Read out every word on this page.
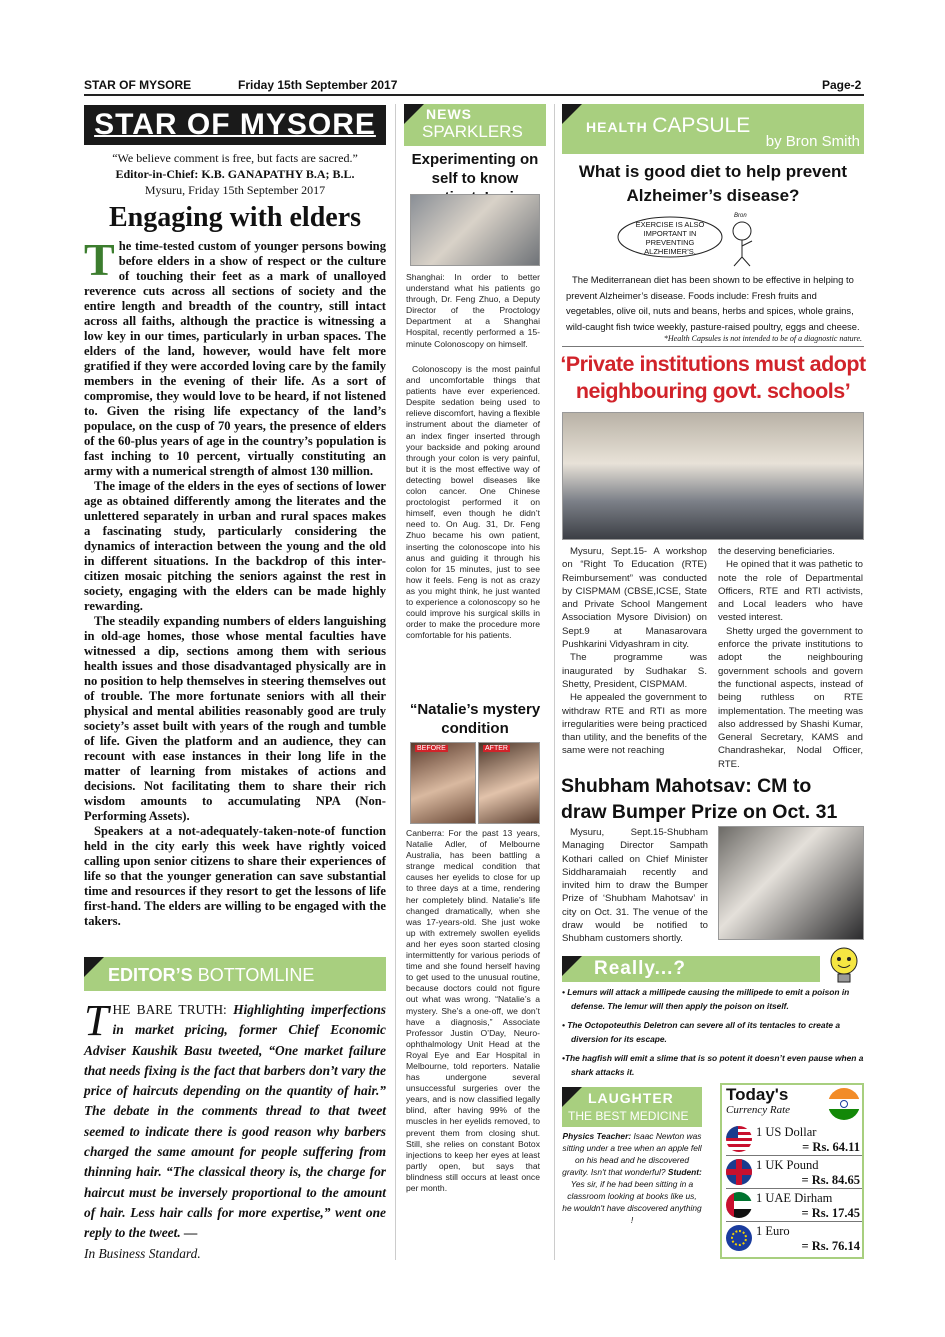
STAR OF MYSORE	Friday 15th September 2017	Page-2
STAR OF MYSORE
“We believe comment is free, but facts are sacred.”
Editor-in-Chief: K.B. GANAPATHY B.A; B.L.
Mysuru, Friday 15th September 2017
Engaging with elders
T he time-tested custom of younger persons bowing before elders in a show of respect or the culture of touching their feet as a mark of unalloyed reverence cuts across all sections of society and the entire length and breadth of the country, still intact across all faiths, although the practice is witnessing a low key in our times, particularly in urban spaces. The elders of the land, however, would have felt more gratified if they were accorded loving care by the family members in the evening of their life. As a sort of compromise, they would love to be heard, if not listened to. Given the rising life expectancy of the land’s populace, on the cusp of 70 years, the presence of elders of the 60-plus years of age in the country’s population is fast inching to 10 percent, virtually constituting an army with a numerical strength of almost 130 million.

The image of the elders in the eyes of sections of lower age as obtained differently among the literates and the unlettered separately in urban and rural spaces makes a fascinating study, particularly considering the dynamics of interaction between the young and the old in different situations. In the backdrop of this inter-citizen mosaic pitching the seniors against the rest in society, engaging with the elders can be made highly rewarding.

The steadily expanding numbers of elders languishing in old-age homes, those whose mental faculties have witnessed a dip, sections among them with serious health issues and those disadvantaged physically are in no position to help themselves in steering themselves out of trouble. The more fortunate seniors with all their physical and mental abilities reasonably good are truly society’s asset built with years of the rough and tumble of life. Given the platform and an audience, they can recount with ease instances in their long life in the matter of learning from mistakes of actions and decisions. Not facilitating them to share their rich wisdom amounts to accumulating NPA (Non-Performing Assets).

Speakers at a not-adequately-taken-note-of function held in the city early this week have rightly voiced calling upon senior citizens to share their experiences of life so that the younger generation can save substantial time and resources if they resort to get the lessons of life first-hand. The elders are willing to be engaged with the takers.

EDITOR’S BOTTOMLINE
THE BARE TRUTH: Highlighting imperfections in market pricing, former Chief Economic Adviser Kaushik Basu tweeted, “One market failure that needs fixing is the fact that barbers don’t vary the price of haircuts depending on the quantity of hair.” The debate in the comments thread to that tweet seemed to indicate there is good reason why barbers charged the same amount for people suffering from thinning hair. “The classical theory is, the charge for haircut must be inversely proportional to the amount of hair. Less hair calls for more expertise,” went one reply to the tweet. —
In Business Standard.
NEWS
SPARKLERS
Experimenting on self to know
Shanghai: In order to better understand what his patients go through, Dr. Feng Zhuo, a Deputy Director of the Proctology Department at a Shanghai Hospital, recently performed a 15-minute Colonoscopy on himself.
Colonoscopy is the most painful and uncomfortable things that patients have ever experienced. Despite sedation being used to relieve discomfort, having a flexible instrument about the diameter of an index finger inserted through your backside and poking around through your colon is very painful, but it is the most effective way of detecting bowel diseases like colon cancer. One Chinese proctologist performed it on himself, even though he didn’t need to. On Aug. 31, Dr. Feng Zhuo became his own patient, inserting the colonoscope into his anus and guiding it through his colon for 15 minutes, just to see how it feels. Feng is not as crazy as you might think, he just wanted to experience a colonoscopy so he could improve his surgical skills in order to make the procedure more comfortable for his patients.
“Natalie’s mystery condition
BEFORE	AFTER
Canberra: For the past 13 years, Natalie Adler, of Melbourne Australia, has been battling a strange medical condition that causes her eyelids to close for up to three days at a time, rendering her completely blind. Natalie’s life changed dramatically, when she was 17-years-old. She just woke up with extremely swollen eyelids and her eyes soon started closing intermittently for various periods of time and she found herself having to get used to the unusual routine, because doctors could not figure out what was wrong. “Natalie’s a mystery. She’s a one-off, we don’t have a diagnosis,” Associate Professor Justin O’Day, Neuro-ophthalmology Unit Head at the Royal Eye and Ear Hospital in Melbourne, told reporters. Natalie has undergone several unsuccessful surgeries over the years, and is now classified legally blind, after having 99% of the muscles in her eyelids removed, to prevent them from closing shut. Still, she relies on constant Botox injections to keep her eyes at least partly open, but says that blindness still occurs at least once per month.
HEALTH CAPSULE
by Bron Smith
What is good diet to help prevent Alzheimer’s disease?
EXERCISE IS ALSO IMPORTANT IN PREVENTING ALZHEIMER’S.
Bron
The Mediterranean diet has been shown to be effective in helping to prevent Alzheimer’s disease. Foods include: Fresh fruits and vegetables, olive oil, nuts and beans, herbs and spices, whole grains, wild-caught fish twice weekly, pasture-raised poultry, eggs and cheese.
*Health Capsules is not intended to be of a diagnostic nature.
‘Private institutions must adopt
neighbouring govt. schools’

Mysuru, Sept.15- A workshop on “Right To Education (RTE) Reimbursement” was conducted by CISPMAM (CBSE,ICSE, State and Private School Mangement Association Mysore Division) on Sept.9 at Manasarovara Pushkarini Vidyashram in city.

The programme was inaugurated by Sudhakar S. Shetty, President, CISPMAM.

He appealed the government to withdraw RTE and RTI as more irregularities were being practiced than utility, and the benefits of the same were not reaching

the deserving beneficiaries.

He opined that it was pathetic to note the role of Departmental Officers, RTE and RTI activists, and Local leaders who have vested interest.

Shetty urged the government to enforce the private institutions to adopt the neighbouring government schools and govern the functional aspects, instead of being ruthless on RTE implementation. The meeting was also addressed by Shashi Kumar, General Secretary, KAMS and Chandrashekar, Nodal Officer, RTE.

Shubham Mahotsav: CM to
draw Bumper Prize on Oct. 31
Mysuru, Sept.15-Shubham Managing Director Sampath Kothari called on Chief Minister Siddharamaiah recently and invited him to draw the Bumper Prize of ‘Shubham Mahotsav’ in city on Oct. 31. The venue of the draw would be notified to Shubham customers shortly.
Really...?
• Lemurs will attack a millipede causing the millipede to emit a poison in defense. The lemur will then apply the poison on itself.
• The Octopoteuthis Deletron can severe all of its tentacles to create a diversion for its escape.
•The hagfish will emit a slime that is so potent it doesn’t even pause when a shark attacks it.
LAUGHTER
THE BEST MEDICINE
Physics Teacher: Isaac Newton was sitting under a tree when an apple fell on his head and he discovered gravity. Isn't that wonderful? Student: Yes sir, if he had been sitting in a classroom looking at books like us, he wouldn't have discovered anything !
Today's
Currency Rate
1 US Dollar
= Rs. 64.11
1 UK Pound
= Rs. 84.65
1 UAE Dirham
= Rs. 17.45
1 Euro
= Rs. 76.14
